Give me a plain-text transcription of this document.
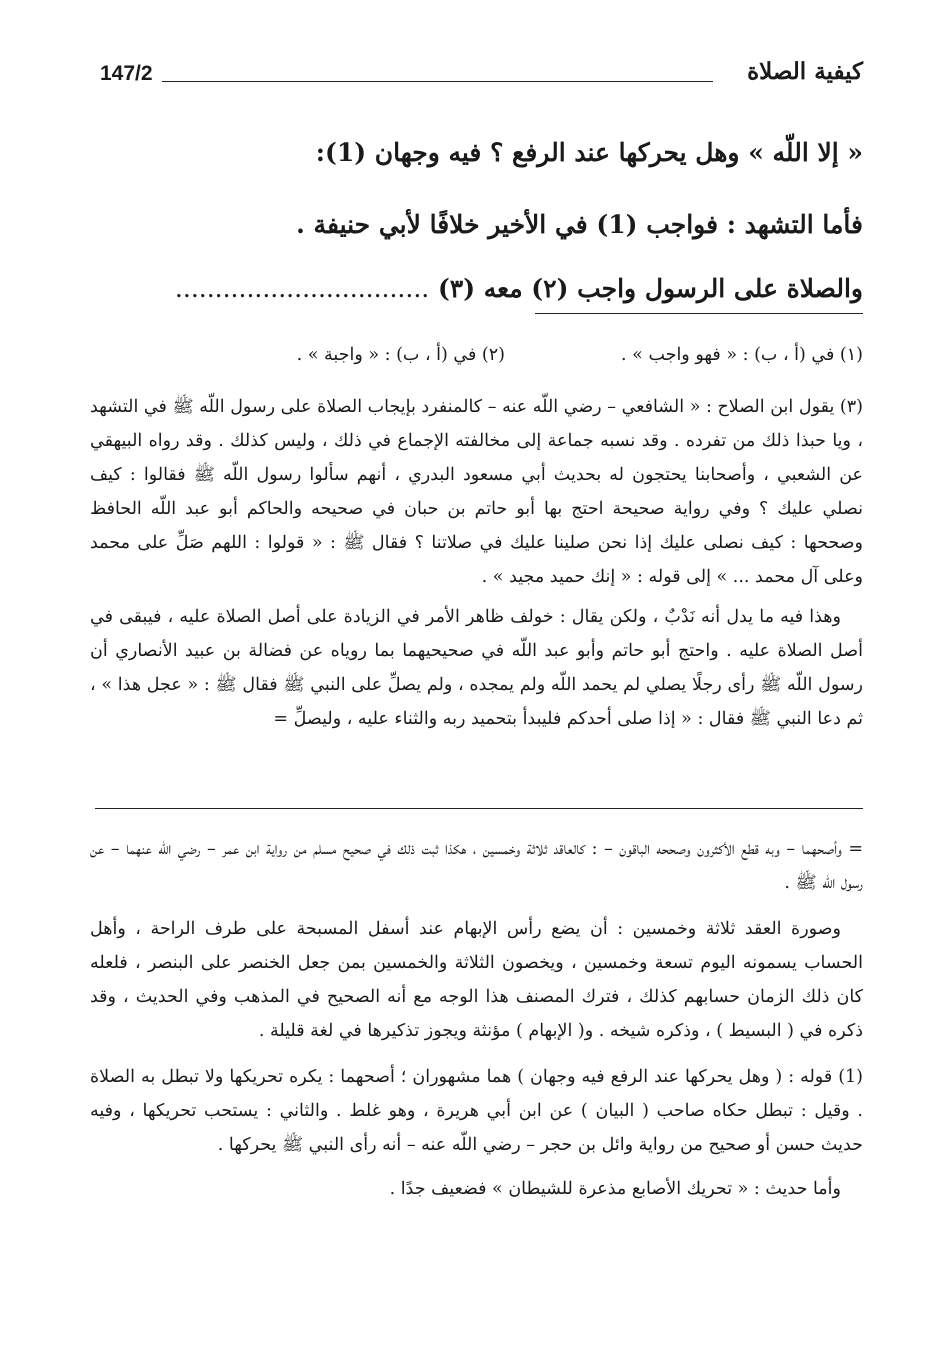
147/2	كيفية الصلاة
« إلا اللّه » وهل يحركها عند الرفع ؟ فيه وجهان (1):
فأما التشهد : فواجب (1) في الأخير خلافًا لأبي حنيفة .
والصلاة على الرسول واجب (٢) معه (٣) ................................
(١) في (أ ، ب) : « فهو واجب » .
(٢) في (أ ، ب) : « واجبة » .

(٣) يقول ابن الصلاح : « الشافعي – رضي اللّه عنه – كالمنفرد بإيجاب الصلاة على رسول اللّه ﷺ في التشهد ، ويا حبذا ذلك من تفرده . وقد نسبه جماعة إلى مخالفته الإجماع في ذلك ، وليس كذلك . وقد رواه البيهقي عن الشعبي ، وأصحابنا يحتجون له بحديث أبي مسعود البدري ، أنهم سألوا رسول اللّه ﷺ فقالوا : كيف نصلي عليك ؟ وفي رواية صحيحة احتج بها أبو حاتم بن حبان في صحيحه والحاكم أبو عبد اللّه الحافظ وصححها : كيف نصلى عليك إذا نحن صلينا عليك في صلاتنا ؟ فقال ﷺ : « قولوا : اللهم صَلِّ على محمد وعلى آل محمد ... » إلى قوله : « إنك حميد مجيد » .

وهذا فيه ما يدل أنه نَدْبٌ ، ولكن يقال : خولف ظاهر الأمر في الزيادة على أصل الصلاة عليه ، فيبقى في أصل الصلاة عليه . واحتج أبو حاتم وأبو عبد اللّه في صحيحيهما بما روياه عن فضالة بن عبيد الأنصاري أن رسول اللّه ﷺ رأى رجلًا يصلي لم يحمد اللّه ولم يمجده ، ولم يصلِّ على النبي ﷺ فقال ﷺ : « عجل هذا » ، ثم دعا النبي ﷺ فقال : « إذا صلى أحدكم فليبدأ بتحميد ربه والثناء عليه ، وليصلِّ =

= وأصحهما – وبه قطع الأكثرون وصححه الباقون – : كالعاقد ثلاثة وخمسين ، هكذا ثبت ذلك في صحيح مسلم من رواية ابن عمر – رضي اللّه عنهما – عن رسول اللّه ﷺ .

وصورة العقد ثلاثة وخمسين : أن يضع رأس الإبهام عند أسفل المسبحة على طرف الراحة ، وأهل الحساب يسمونه اليوم تسعة وخمسين ، ويخصون الثلاثة والخمسين بمن جعل الخنصر على البنصر ، فلعله كان ذلك الزمان حسابهم كذلك ، فترك المصنف هذا الوجه مع أنه الصحيح في المذهب وفي الحديث ، وقد ذكره في ( البسيط ) ، وذكره شيخه . و( الإبهام ) مؤنثة ويجوز تذكيرها في لغة قليلة .

(1) قوله : ( وهل يحركها عند الرفع فيه وجهان ) هما مشهوران ؛ أصحهما : يكره تحريكها ولا تبطل به الصلاة . وقيل : تبطل حكاه صاحب ( البيان ) عن ابن أبي هريرة ، وهو غلط . والثاني : يستحب تحريكها ، وفيه حديث حسن أو صحيح من رواية وائل بن حجر – رضي اللّه عنه – أنه رأى النبي ﷺ يحركها .

وأما حديث : « تحريك الأصابع مذعرة للشيطان » فضعيف جدًا .
